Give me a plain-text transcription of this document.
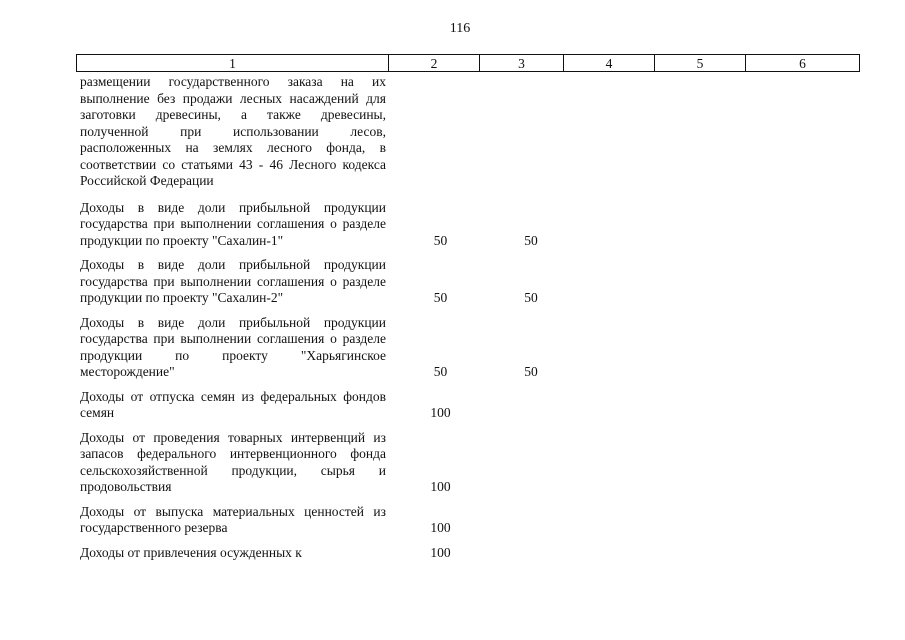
116
1	2	3	4	5	6
размещении государственного заказа на их выполнение без продажи лесных насаждений для заготовки древесины, а также древесины, полученной при использовании лесов, расположенных на землях лесного фонда, в соответствии со статьями 43 - 46 Лесного кодекса Российской Федерации
Доходы в виде доли прибыльной продукции государства при выполнении соглашения о разделе продукции по проекту "Сахалин-1"	50	50
Доходы в виде доли прибыльной продукции государства при выполнении соглашения о разделе продукции по проекту "Сахалин-2"	50	50
Доходы в виде доли прибыльной продукции государства при выполнении соглашения о разделе продукции по проекту "Харьягинское месторождение"	50	50
Доходы от отпуска семян из федеральных фондов семян	100
Доходы от проведения товарных интервенций из запасов федерального интервенционного фонда сельскохозяйственной продукции, сырья и продовольствия	100
Доходы от выпуска материальных ценностей из государственного резерва	100
Доходы от привлечения осужденных к	100
